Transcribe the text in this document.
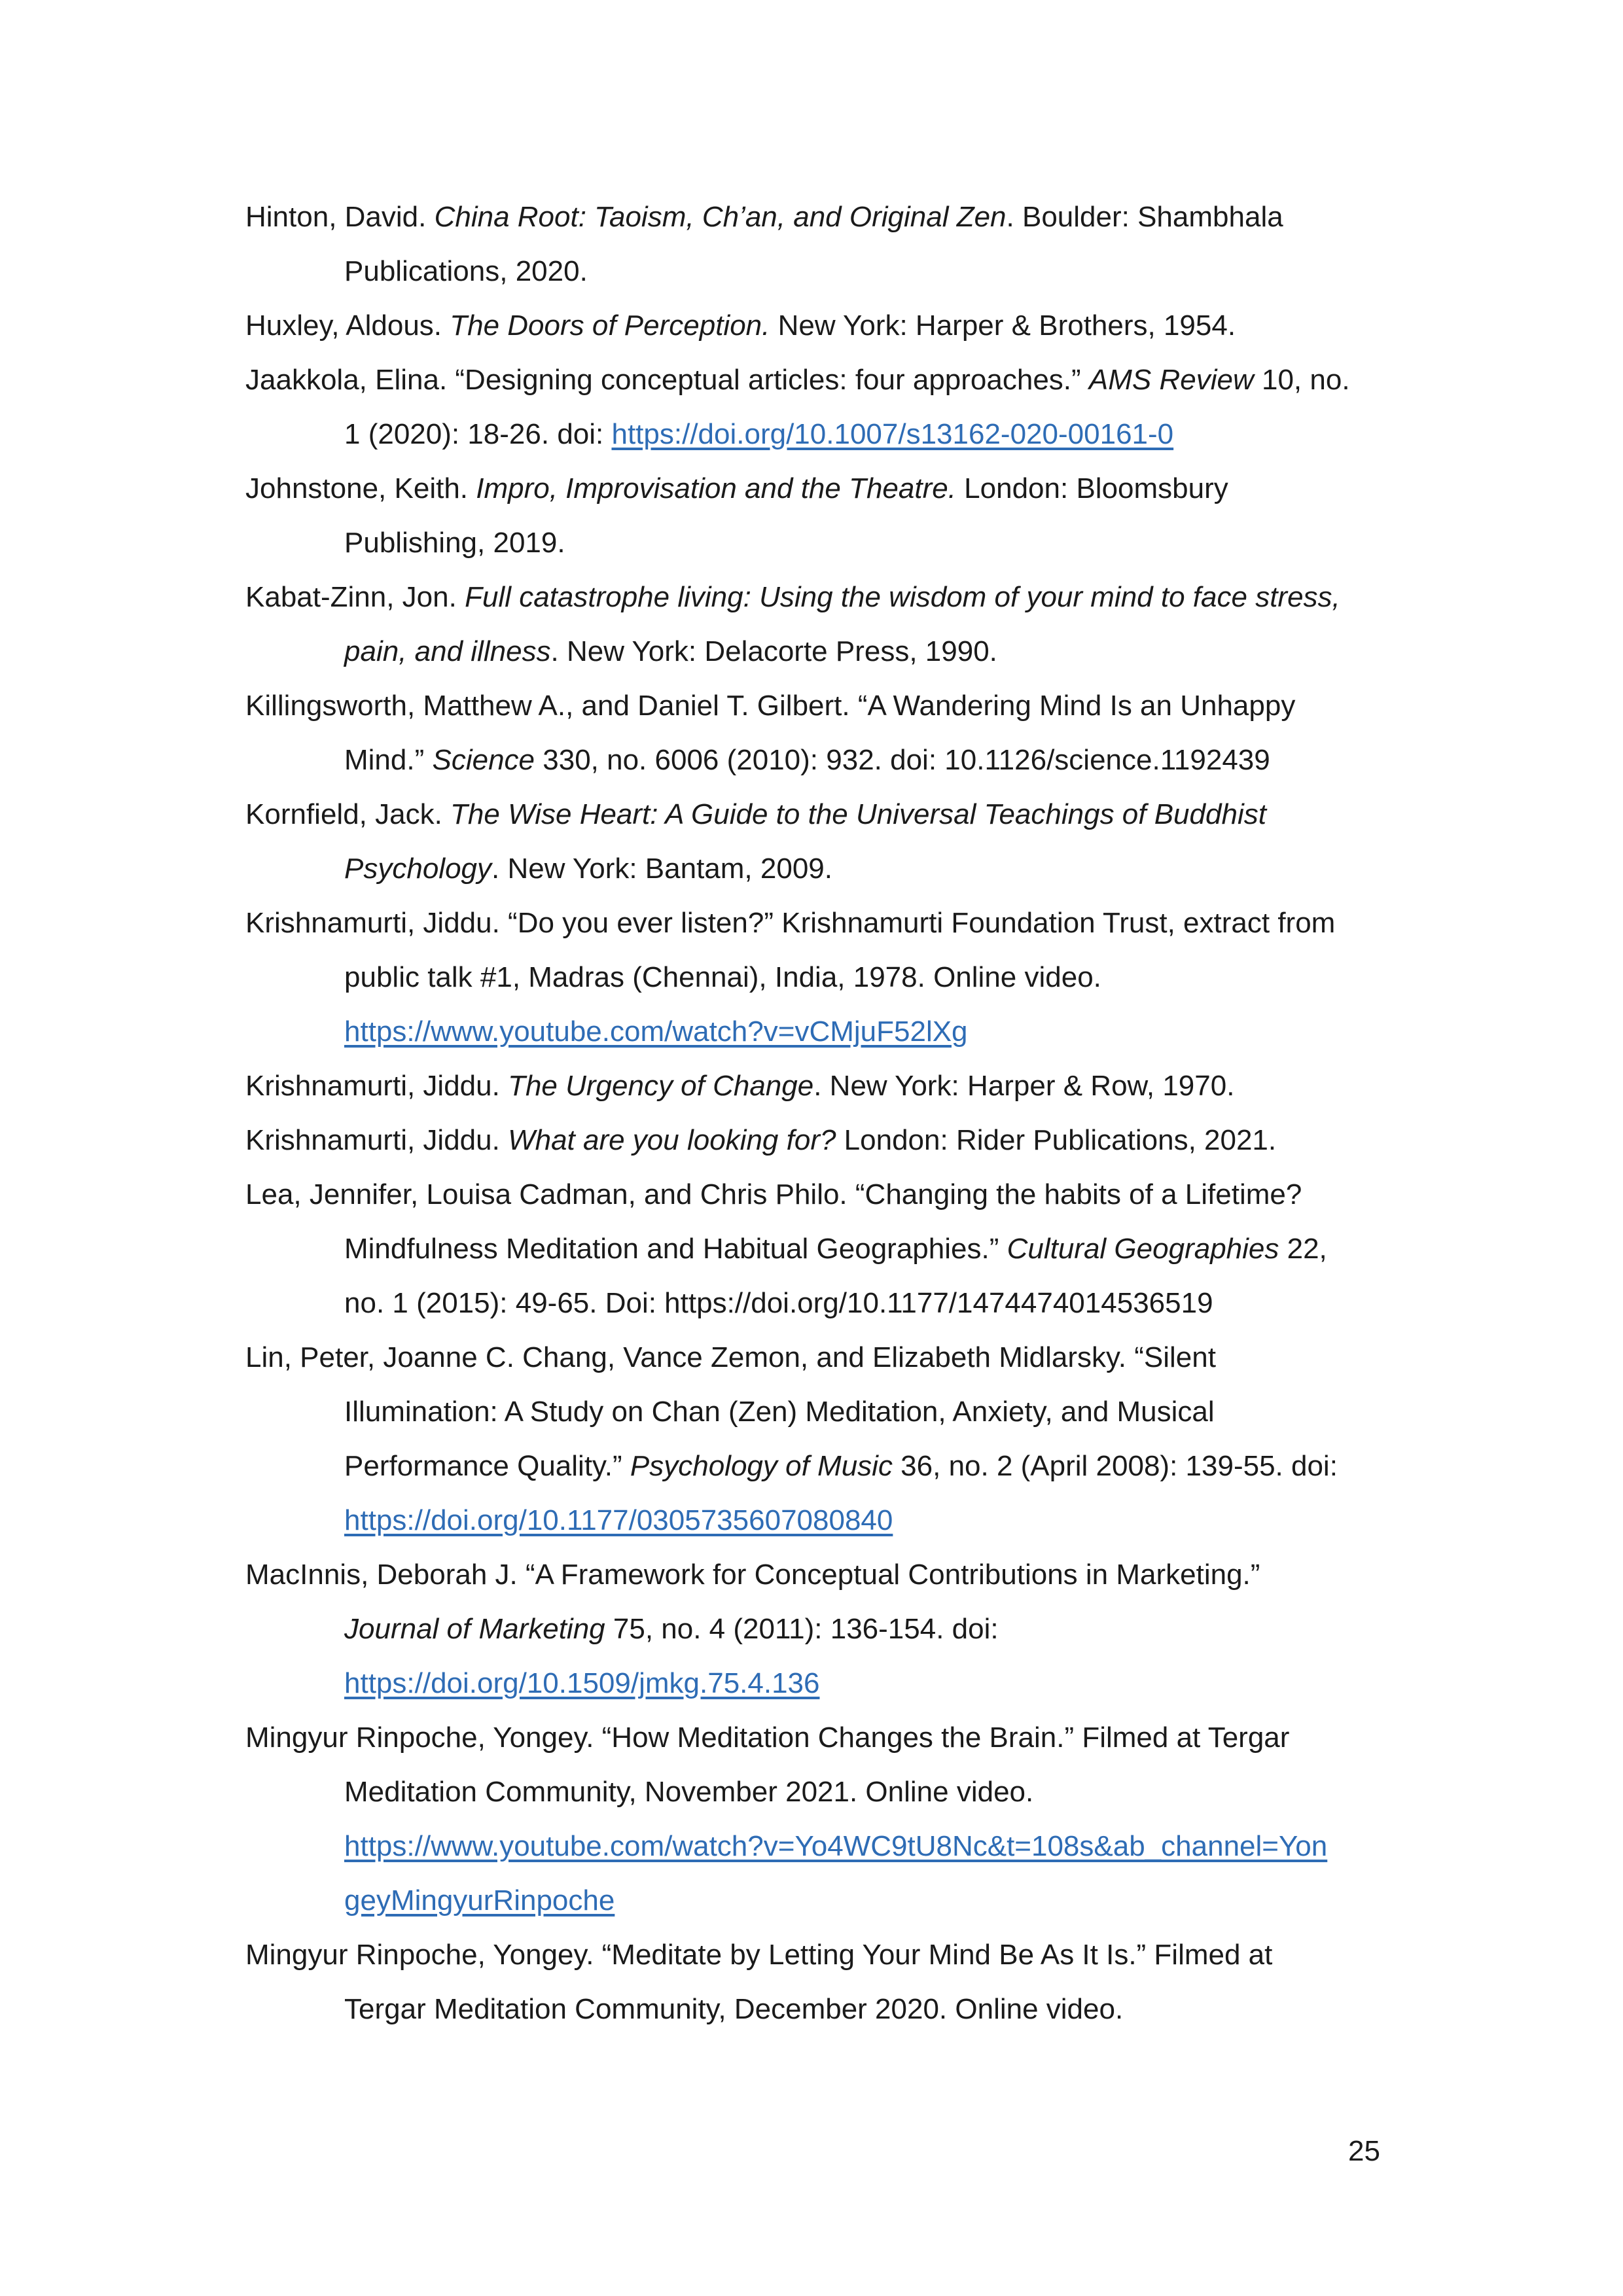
Hinton, David. China Root: Taoism, Ch’an, and Original Zen. Boulder: Shambhala
Publications, 2020.
Huxley, Aldous. The Doors of Perception. New York: Harper & Brothers, 1954.
Jaakkola, Elina. “Designing conceptual articles: four approaches.” AMS Review 10, no.
1 (2020): 18-26. doi: https://doi.org/10.1007/s13162-020-00161-0
Johnstone, Keith. Impro, Improvisation and the Theatre. London: Bloomsbury
Publishing, 2019.
Kabat-Zinn, Jon. Full catastrophe living: Using the wisdom of your mind to face stress,
pain, and illness. New York: Delacorte Press, 1990.
Killingsworth, Matthew A., and Daniel T. Gilbert. “A Wandering Mind Is an Unhappy
Mind.” Science 330, no. 6006 (2010): 932. doi: 10.1126/science.1192439
Kornfield, Jack. The Wise Heart: A Guide to the Universal Teachings of Buddhist
Psychology. New York: Bantam, 2009.
Krishnamurti, Jiddu. “Do you ever listen?” Krishnamurti Foundation Trust, extract from
public talk #1, Madras (Chennai), India, 1978. Online video.
https://www.youtube.com/watch?v=vCMjuF52lXg
Krishnamurti, Jiddu. The Urgency of Change. New York: Harper & Row, 1970.
Krishnamurti, Jiddu. What are you looking for? London: Rider Publications, 2021.
Lea, Jennifer, Louisa Cadman, and Chris Philo. “Changing the habits of a Lifetime?
Mindfulness Meditation and Habitual Geographies.” Cultural Geographies 22,
no. 1 (2015): 49-65. Doi: https://doi.org/10.1177/1474474014536519
Lin, Peter, Joanne C. Chang, Vance Zemon, and Elizabeth Midlarsky. “Silent
Illumination: A Study on Chan (Zen) Meditation, Anxiety, and Musical
Performance Quality.” Psychology of Music 36, no. 2 (April 2008): 139-55. doi:
https://doi.org/10.1177/0305735607080840
MacInnis, Deborah J. “A Framework for Conceptual Contributions in Marketing.”
Journal of Marketing 75, no. 4 (2011): 136-154. doi:
https://doi.org/10.1509/jmkg.75.4.136
Mingyur Rinpoche, Yongey. “How Meditation Changes the Brain.” Filmed at Tergar
Meditation Community, November 2021. Online video.
https://www.youtube.com/watch?v=Yo4WC9tU8Nc&t=108s&ab_channel=Yon
geyMingyurRinpoche
Mingyur Rinpoche, Yongey. “Meditate by Letting Your Mind Be As It Is.” Filmed at
Tergar Meditation Community, December 2020. Online video.
25
